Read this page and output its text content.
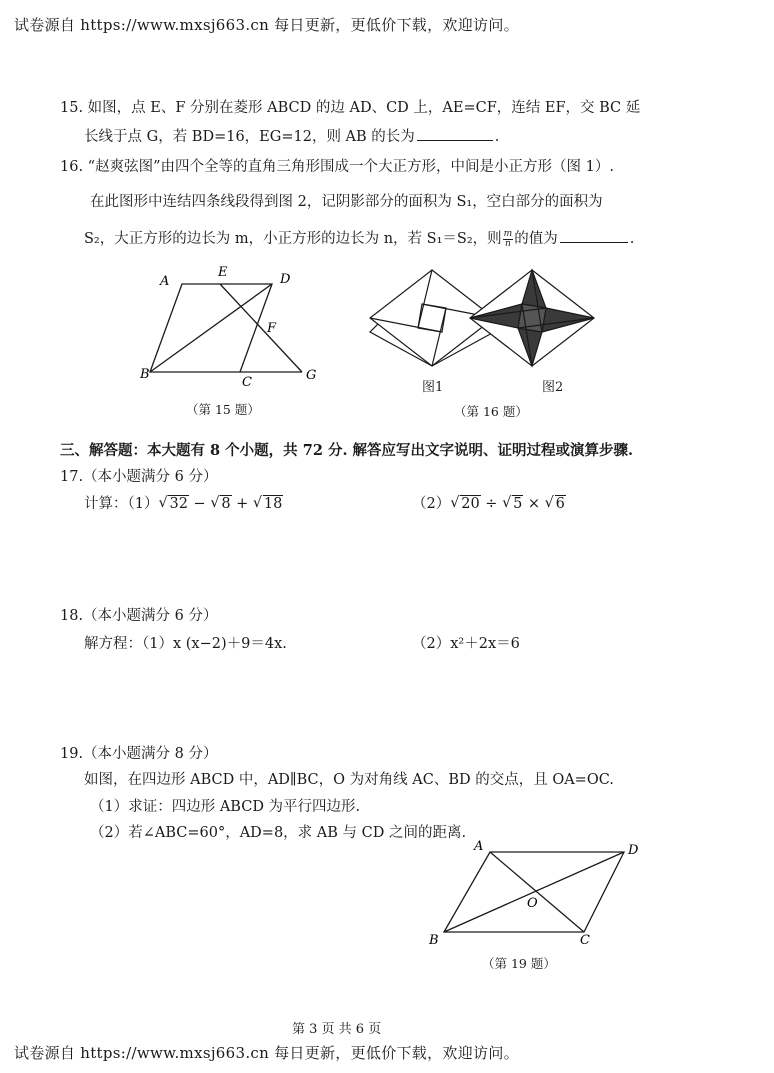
试卷源自 https://www.mxsj663.cn 每日更新，更低价下载，欢迎访问。
15. 如图，点 E、F 分别在菱形 ABCD 的边 AD、CD 上，AE=CF，连结 EF，交 BC 延
长线于点 G，若 BD=16，EG=12，则 AB 的长为	.
16. “赵爽弦图”由四个全等的直角三角形围成一个大正方形，中间是小正方形（图 1）.
在此图形中连结四条线段得到图 2，记阴影部分的面积为 S₁，空白部分的面积为
S₂，大正方形的边长为 m，小正方形的边长为 n，若 S₁＝S₂，则 $\frac{m}{n}$ 的值为	.
A
E	D
F
B
C	G
（第 15 题）
图1	图2
（第 16 题）
三、解答题：本大题有 8 个小题，共 72 分. 解答应写出文字说明、证明过程或演算步骤.
17.（本小题满分 6 分）
计算：（1） √ 32 − √ 8 + √ 18	（2） √ 20 ÷ √ 5 × √ 6
18.（本小题满分 6 分）
解方程：（1）x (x−2)＋9＝4x.	（2）x²＋2x＝6
19.（本小题满分 8 分）
如图，在四边形 ABCD 中，AD∥BC，O 为对角线 AC、BD 的交点，且 OA=OC.
（1）求证：四边形 ABCD 为平行四边形.
（2）若∠ABC=60°，AD=8，求 AB 与 CD 之间的距离.
A	D
O
B	C
（第 19 题）
第 3 页 共 6 页
试卷源自 https://www.mxsj663.cn 每日更新，更低价下载，欢迎访问。
